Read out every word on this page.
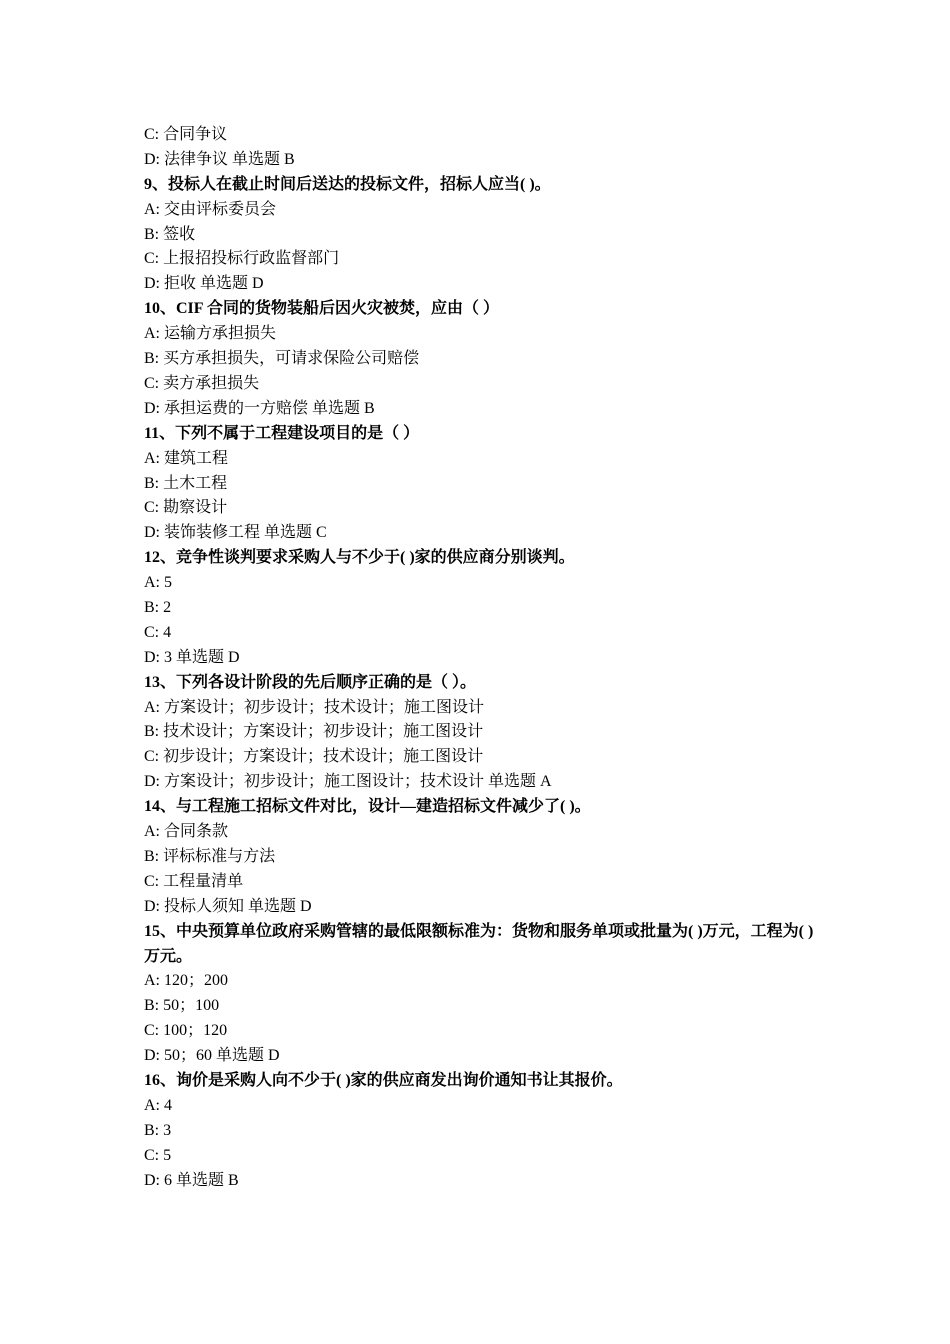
C: 合同争议

D: 法律争议 单选题 B

9、投标人在截止时间后送达的投标文件，招标人应当( )。

A: 交由评标委员会

B: 签收

C: 上报招投标行政监督部门

D: 拒收 单选题 D

10、CIF 合同的货物装船后因火灾被焚，应由（ ）

A: 运输方承担损失

B: 买方承担损失，可请求保险公司赔偿

C: 卖方承担损失

D: 承担运费的一方赔偿 单选题 B

11、下列不属于工程建设项目的是（ ）

A: 建筑工程

B: 土木工程

C: 勘察设计

D: 装饰装修工程 单选题 C

12、竞争性谈判要求采购人与不少于( )家的供应商分别谈判。

A: 5

B: 2

C: 4

D: 3 单选题 D

13、下列各设计阶段的先后顺序正确的是（ ）。

A: 方案设计；初步设计；技术设计；施工图设计

B: 技术设计；方案设计；初步设计；施工图设计

C: 初步设计；方案设计；技术设计；施工图设计

D: 方案设计；初步设计；施工图设计；技术设计 单选题 A

14、与工程施工招标文件对比，设计—建造招标文件减少了( )。

A: 合同条款

B: 评标标准与方法

C: 工程量清单

D: 投标人须知 单选题 D

15、中央预算单位政府采购管辖的最低限额标准为：货物和服务单项或批量为( )万元，工程为( )万元。

A: 120；200

B: 50；100

C: 100；120

D: 50；60 单选题 D

16、询价是采购人向不少于( )家的供应商发出询价通知书让其报价。

A: 4

B: 3

C: 5

D: 6 单选题 B
